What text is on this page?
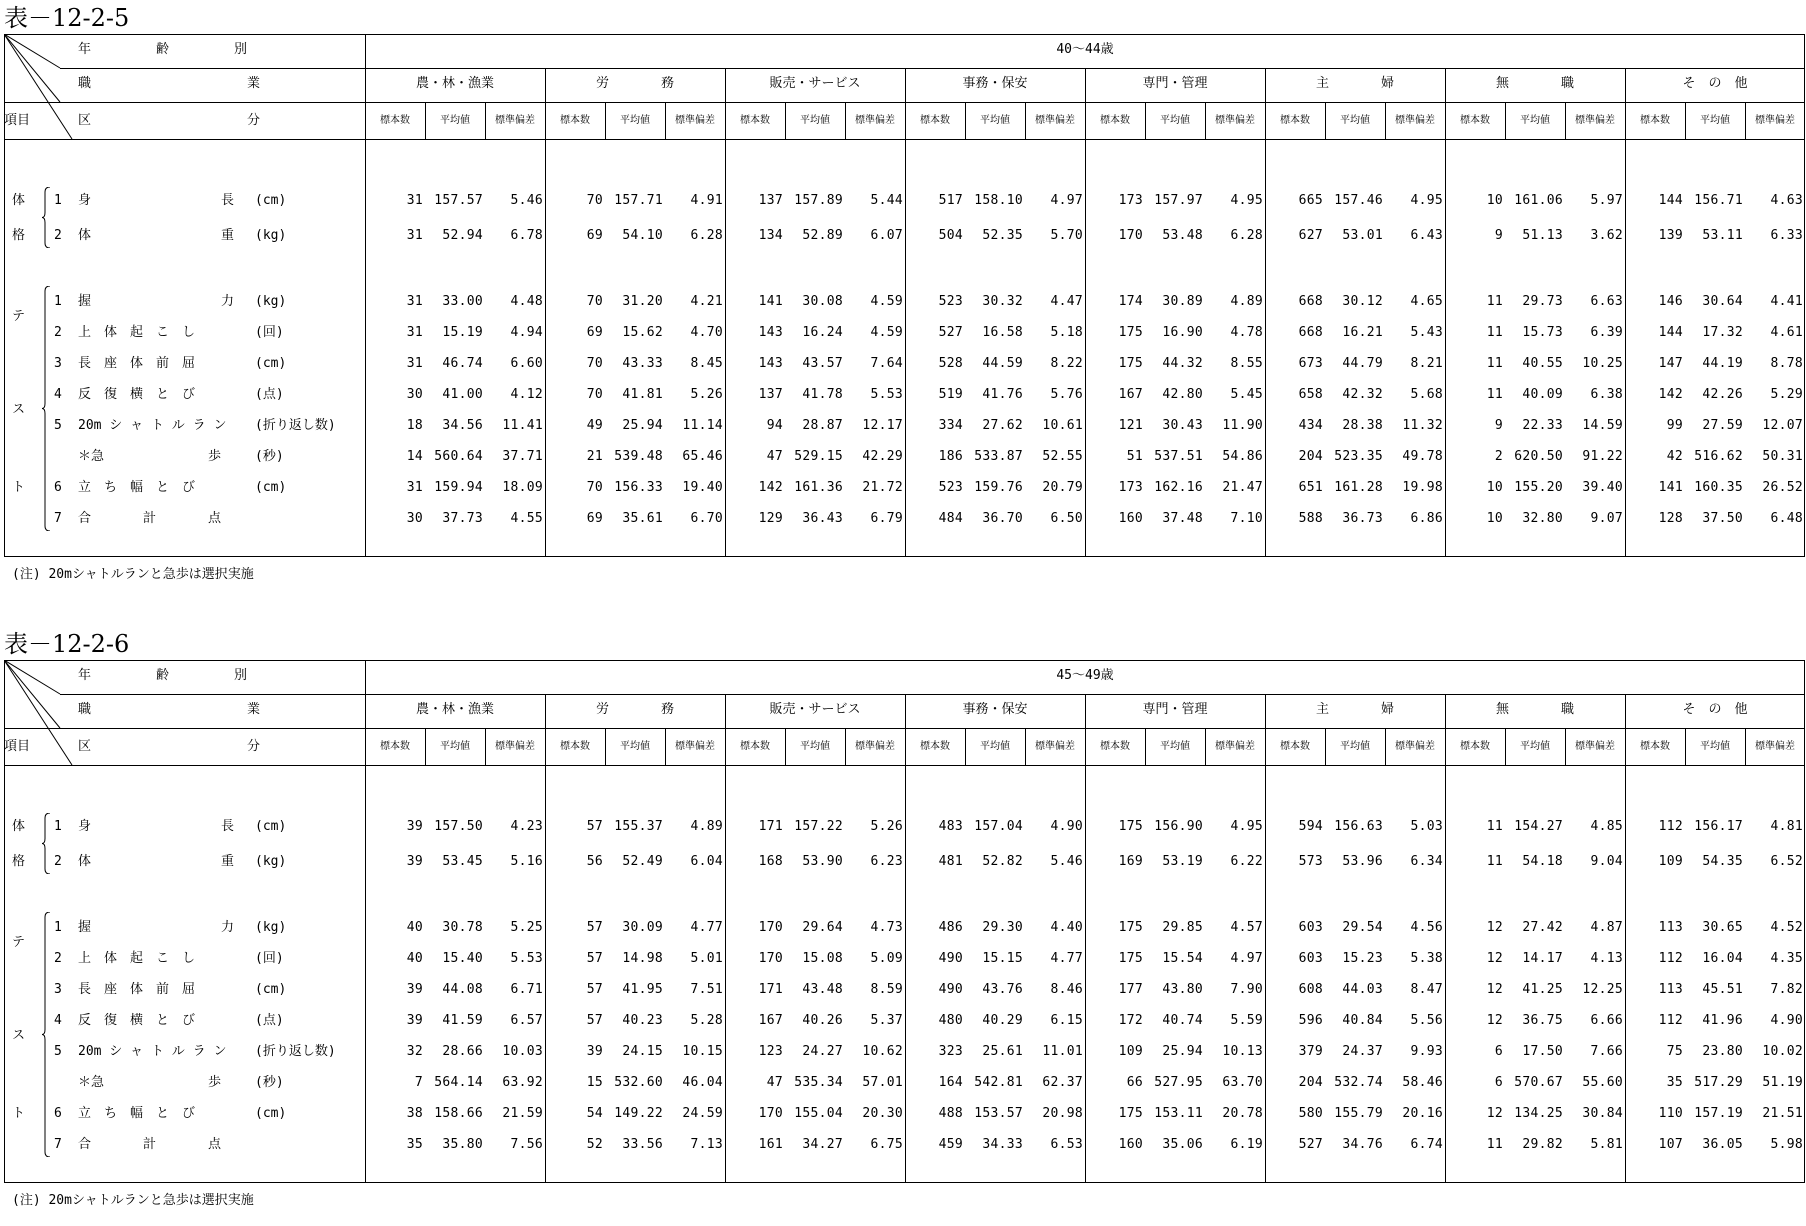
表－12-2-5
年　　　　　齢　　　　　別
職　　　　　　　　　　　　業
項目	区　　　　　　　　　　　　分
40～44歳
農・林・漁業
標本数	平均値	標準偏差
労　　　　務
標本数	平均値	標準偏差
販売・サービス
標本数	平均値	標準偏差
事務・保安
標本数	平均値	標準偏差
専門・管理
標本数	平均値	標準偏差
主　　　　婦
標本数	平均値	標準偏差
無　　　　職
標本数	平均値	標準偏差
そ　の　他
標本数	平均値	標準偏差
体
格
テ
ス
ト
1 身　　　　　　　　　　長 (cm)	31 157.57	5.46	70 157.71	4.91	137 157.89	5.44	517 158.10	4.97	173 157.97	4.95	665 157.46	4.95	10 161.06	5.97	144 156.71	4.63
2 体　　　　　　　　　　重 (kg)	31	52.94	6.78	69	54.10	6.28	134	52.89	6.07	504	52.35	5.70	170	53.48	6.28	627	53.01	6.43	9	51.13	3.62	139	53.11	6.33
1 握　　　　　　　　　　力 (kg)	31	33.00	4.48	70	31.20	4.21	141	30.08	4.59	523	30.32	4.47	174	30.89	4.89	668	30.12	4.65	11	29.73	6.63	146	30.64	4.41
2 上　体　起　こ　し	(回)	31	15.19	4.94	69	15.62	4.70	143	16.24	4.59	527	16.58	5.18	175	16.90	4.78	668	16.21	5.43	11	15.73	6.39	144	17.32	4.61
3 長　座　体　前　屈	(cm)	31	46.74	6.60	70	43.33	8.45	143	43.57	7.64	528	44.59	8.22	175	44.32	8.55	673	44.79	8.21	11	40.55	10.25	147	44.19	8.78
4 反　復　横　と　び	(点)	30	41.00	4.12	70	41.81	5.26	137	41.78	5.53	519	41.76	5.76	167	42.80	5.45	658	42.32	5.68	11	40.09	6.38	142	42.26	5.29
5 20m シ ャ ト ル ラ ン (折り返し数)	18	34.56	11.41	49	25.94	11.14	94	28.87	12.17	334	27.62	10.61	121	30.43	11.90	434	28.38	11.32	9	22.33	14.59	99	27.59	12.07
＊急　　　　　　　　歩	(秒)	14 560.64	37.71	21 539.48	65.46	47 529.15	42.29	186 533.87	52.55	51 537.51	54.86	204 523.35	49.78	2 620.50	91.22	42 516.62	50.31
6 立　ち　幅　と　び	(cm)	31 159.94	18.09	70 156.33	19.40	142 161.36	21.72	523 159.76	20.79	173 162.16	21.47	651 161.28	19.98	10 155.20	39.40	141 160.35	26.52
7 合　　　　計　　　　点	30	37.73	4.55	69	35.61	6.70	129	36.43	6.79	484	36.70	6.50	160	37.48	7.10	588	36.73	6.86	10	32.80	9.07	128	37.50	6.48
(注) 20mシャトルランと急歩は選択実施
表－12-2-6
年　　　　　齢　　　　　別
職　　　　　　　　　　　　業
項目	区　　　　　　　　　　　　分
45～49歳
農・林・漁業
標本数	平均値	標準偏差
労　　　　務
標本数	平均値	標準偏差
販売・サービス
標本数	平均値	標準偏差
事務・保安
標本数	平均値	標準偏差
専門・管理
標本数	平均値	標準偏差
主　　　　婦
標本数	平均値	標準偏差
無　　　　職
標本数	平均値	標準偏差
そ　の　他
標本数	平均値	標準偏差
体
格
テ
ス
ト
1 身　　　　　　　　　　長 (cm)	39 157.50	4.23	57 155.37	4.89	171 157.22	5.26	483 157.04	4.90	175 156.90	4.95	594 156.63	5.03	11 154.27	4.85	112 156.17	4.81
2 体　　　　　　　　　　重 (kg)	39	53.45	5.16	56	52.49	6.04	168	53.90	6.23	481	52.82	5.46	169	53.19	6.22	573	53.96	6.34	11	54.18	9.04	109	54.35	6.52
1 握　　　　　　　　　　力 (kg)	40	30.78	5.25	57	30.09	4.77	170	29.64	4.73	486	29.30	4.40	175	29.85	4.57	603	29.54	4.56	12	27.42	4.87	113	30.65	4.52
2 上　体　起　こ　し	(回)	40	15.40	5.53	57	14.98	5.01	170	15.08	5.09	490	15.15	4.77	175	15.54	4.97	603	15.23	5.38	12	14.17	4.13	112	16.04	4.35
3 長　座　体　前　屈	(cm)	39	44.08	6.71	57	41.95	7.51	171	43.48	8.59	490	43.76	8.46	177	43.80	7.90	608	44.03	8.47	12	41.25	12.25	113	45.51	7.82
4 反　復　横　と　び	(点)	39	41.59	6.57	57	40.23	5.28	167	40.26	5.37	480	40.29	6.15	172	40.74	5.59	596	40.84	5.56	12	36.75	6.66	112	41.96	4.90
5 20m シ ャ ト ル ラ ン (折り返し数)	32	28.66	10.03	39	24.15	10.15	123	24.27	10.62	323	25.61	11.01	109	25.94	10.13	379	24.37	9.93	6	17.50	7.66	75	23.80	10.02
＊急　　　　　　　　歩	(秒)	7 564.14	63.92	15 532.60	46.04	47 535.34	57.01	164 542.81	62.37	66 527.95	63.70	204 532.74	58.46	6 570.67	55.60	35 517.29	51.19
6 立　ち　幅　と　び	(cm)	38 158.66	21.59	54 149.22	24.59	170 155.04	20.30	488 153.57	20.98	175 153.11	20.78	580 155.79	20.16	12 134.25	30.84	110 157.19	21.51
7 合　　　　計　　　　点	35	35.80	7.56	52	33.56	7.13	161	34.27	6.75	459	34.33	6.53	160	35.06	6.19	527	34.76	6.74	11	29.82	5.81	107	36.05	5.98
(注) 20mシャトルランと急歩は選択実施
